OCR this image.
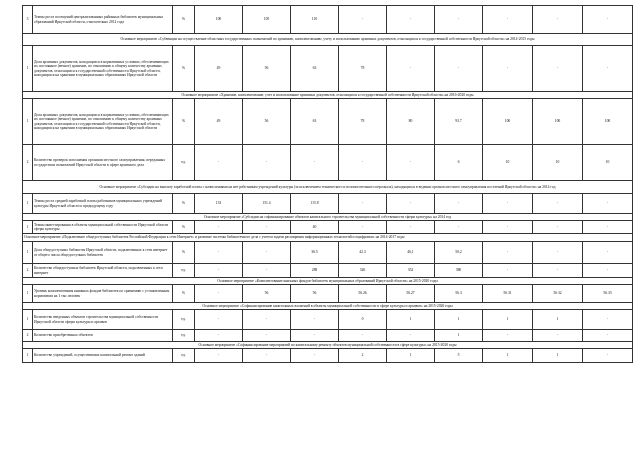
3	Темпы роста посещений централизованных районных библиотек муниципальных образований Иркутской области, относительно 2012 года	%	100	105	110	-	-	-	-	-	-
Основное мероприятие «Субвенции на осуществление областных государственных полномочий по хранению, комплектованию, учету и использованию архивных документов, относящихся к государственной собственности Иркутской области» на 2014-2015 годы											
1	Доля архивных документов, находящихся в нормативных условиях, обеспечивающих их постоянное (вечное) хранение, по отношению к общему количеству архивных документов, относящихся к государственной собственности Иркутской области, находящихся на хранении в муниципальных образованиях Иркутской области	%	49	56	63	78	-	-	-	-	-
Основное мероприятие «Хранение, комплектование, учет и использование архивных документов, относящихся к государственной собственности Иркутской области» на 2016-2020 годы											
1	Доля архивных документов, находящихся в нормативных условиях, обеспечивающих их постоянное (вечное) хранение, по отношению к общему количеству архивных документов, относящихся к государственной собственности Иркутской области, находящихся на хранении в муниципальных образованиях Иркутской области	%	49	56	63	78	80	93.7	100	100	100
2	Количество проверок исполнения органами местного самоуправления, переданных государством полномочий Иркутской области в сфере архивного дела	ед.	-	-	-	-	-	6	10	10	10
Основное мероприятие «Субсидии на выплату заработной платы с начислениями на нее работникам учреждений культуры (за исключением технического и вспомогательного персонала), находящихся в ведении органов местного самоуправления поселений Иркутской области» на 2014 год											
1	Темпы роста средней заработной платы работников муниципальных учреждений культуры Иркутской области к предыдущему году	%	133	151.4	115.8	-	-	-	-	-	-
Основное мероприятие «Субсидии на софинансирование объектов капитального строительства муниципальной собственности сферы культуры» на 2014 год											
1	Темпы инвестирования в объекты муниципальной собственности Иркутской области сферы культуры	%	-	-	40	-	-	-	-	-	-
Основное мероприятие «Подключение общедоступных библиотек Российской Федерации к сети Интернет» и развитие системы библиотечного дела с учетом задачи расширения информационных технологий и оцифровки» на 2014-2017 годы											
1	Доля общедоступных библиотек Иркутской области, подключенных к сети интернет от общего числа общедоступных библиотек	%	-	-	36.5	42.3	46,1	50,2	-	-	-
2	Количество общедоступных библиотек Иркутской области, подключенных к сети интернет	ед.	-	-	288	326	352	380	-	-	-
Основное мероприятие «Комплектование книжных фондов библиотек муниципальных образований Иркутской области» на 2015-2020 годы											
1	Уровень комплектования книжных фондов библиотек по сравнению с установленным нормативом на 1 тыс.человек	%	-	56	56	56.26	56.27	56.3	56.31	56.32	56.33
Основное мероприятие «Софинансирование капитальных вложений в объекты муниципальной собственности в сфере культуры и архивов» на 2015-2020 годы											
1	Количество введенных объектов строительства муниципальной собственности Иркутской области сферы культуры и архивов	ед.	-	-	-	0	1	1	1	1	-
2	Количество приобретенных объектов	ед.	-	-	-	-	-	1	-	-	-
Основное мероприятие «Софинансирование мероприятий по капитальному ремонту объектов муниципальной собственности в сфере культуры» на 2015-2020 годы											
1	Количество учреждений, осуществивших капитальный ремонт зданий	ед.	-	-	-	2	1	5	1	1	-
